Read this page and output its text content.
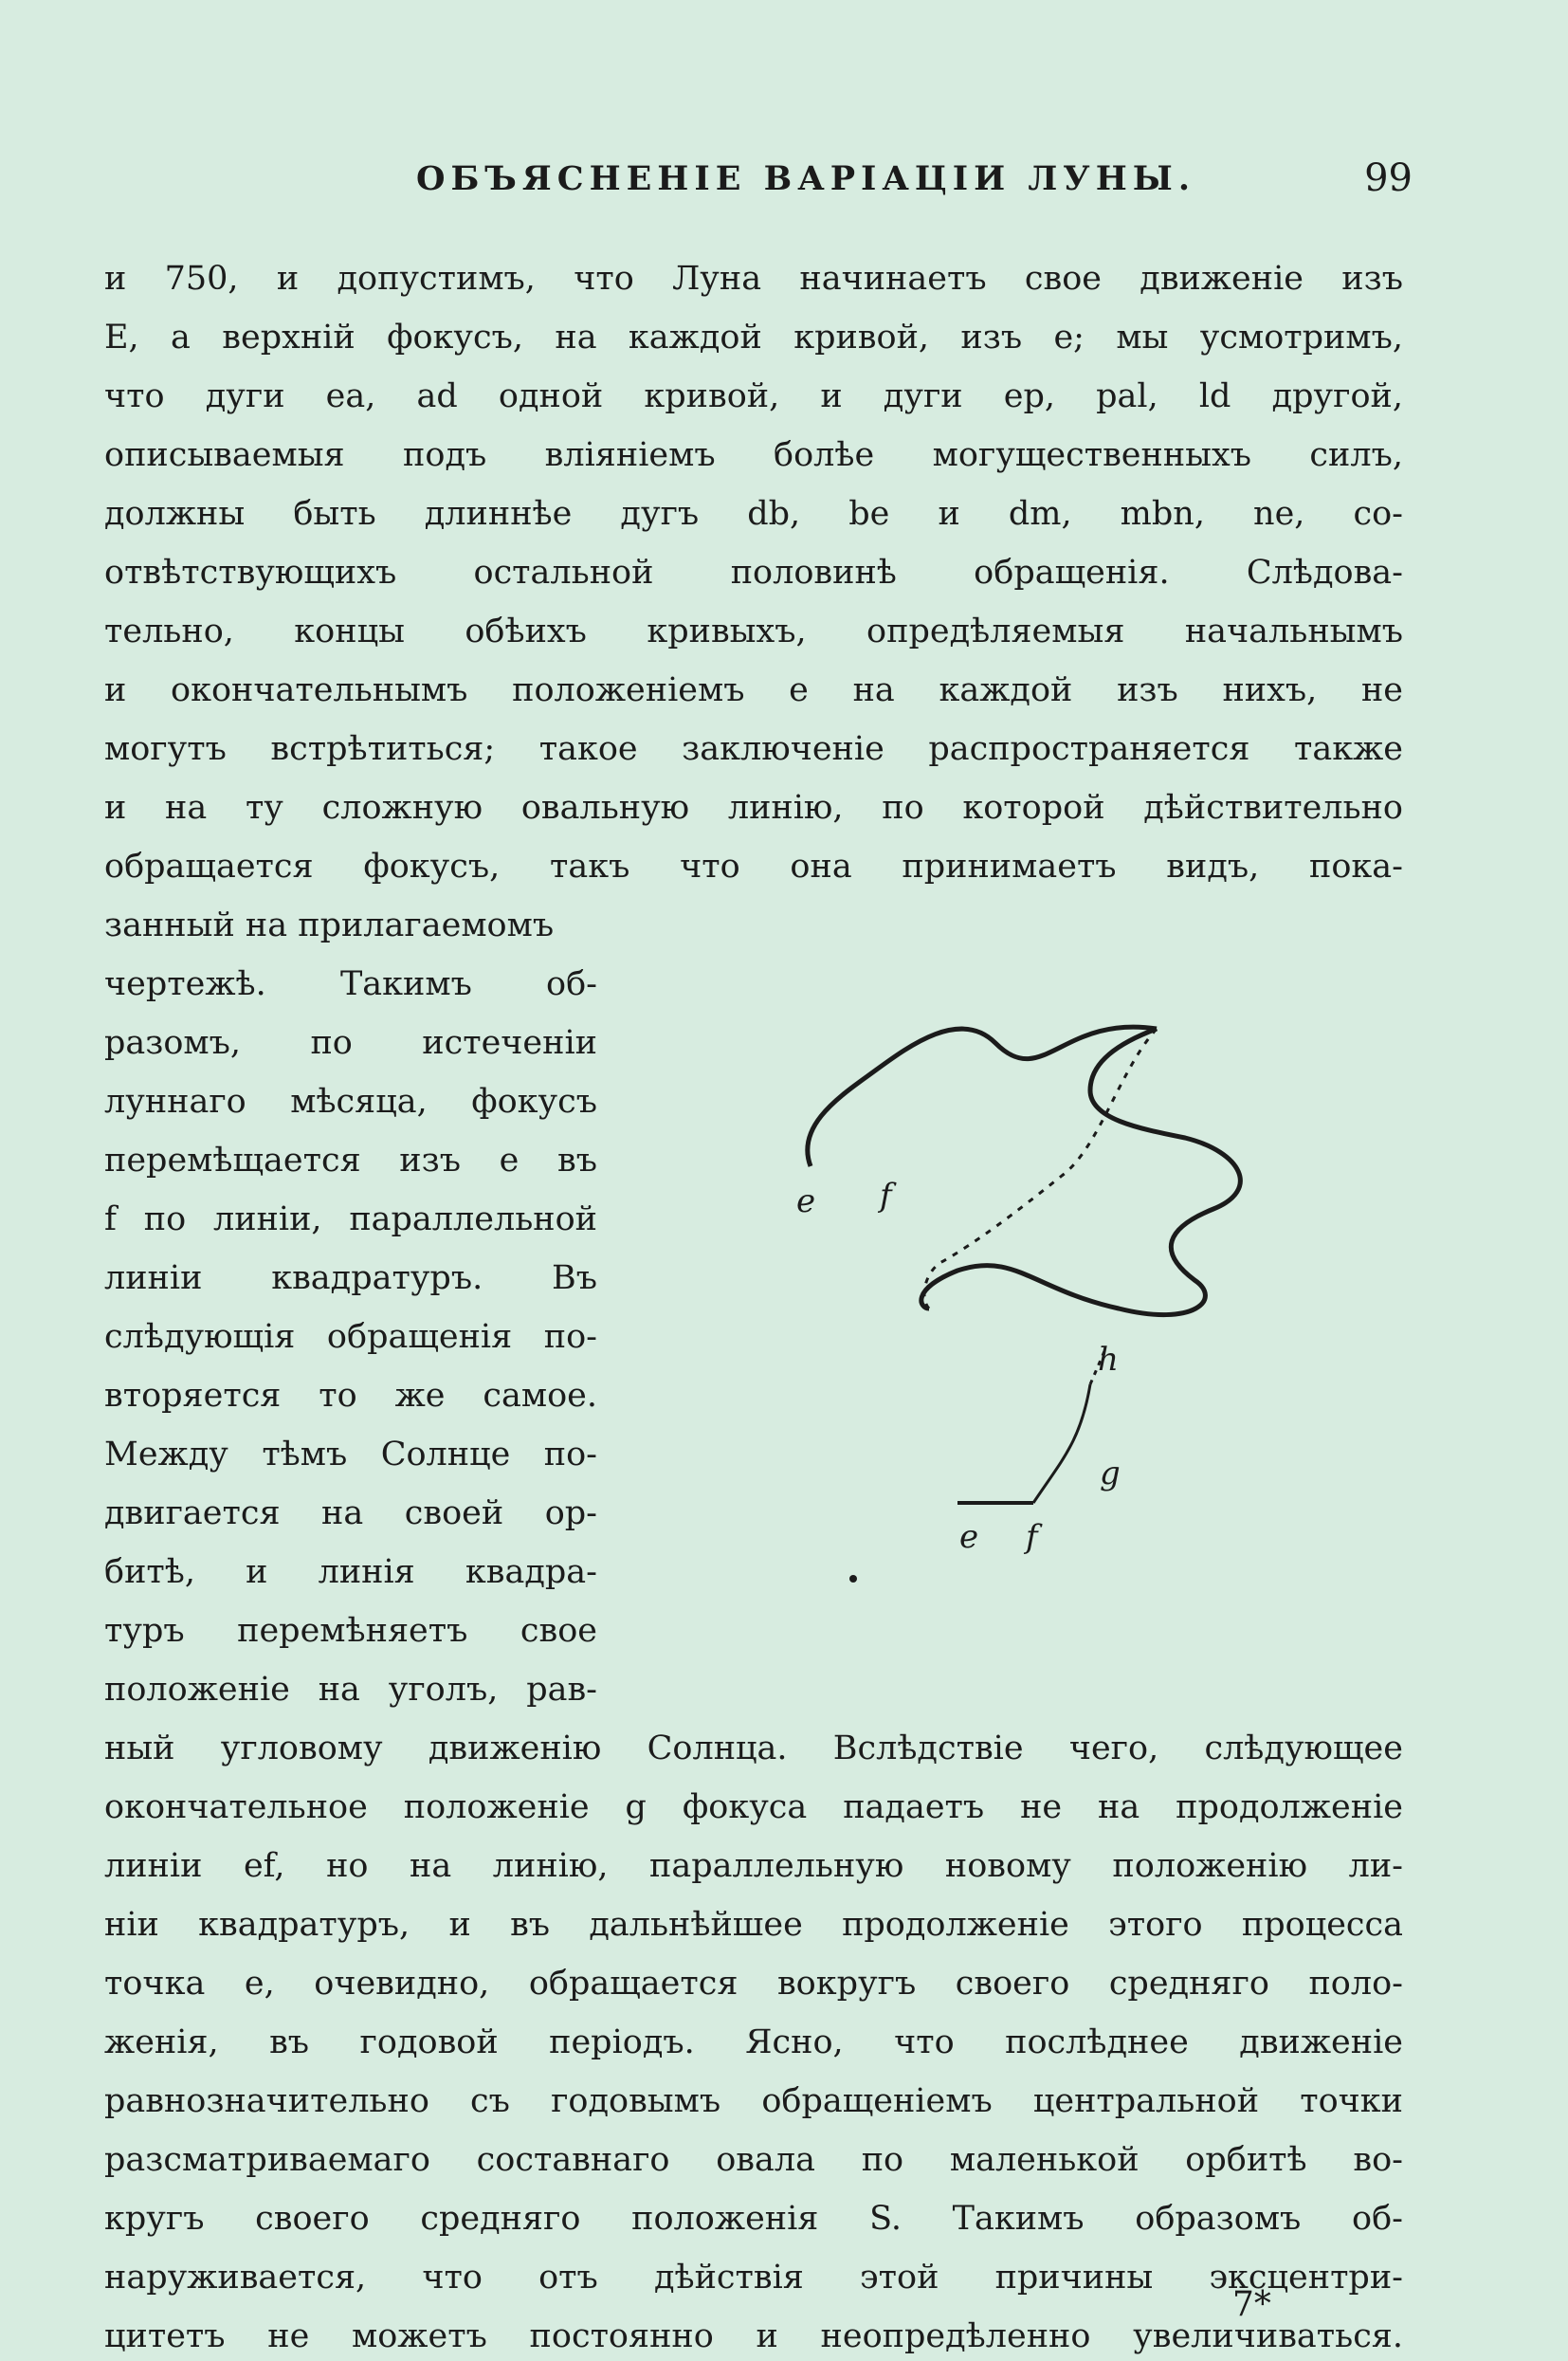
ОБЪЯСНЕНІЕ ВАРІАЦІИ ЛУНЫ.	99
и 750, и допустимъ, что Луна начинаетъ свое движеніе изъ
E, а верхній фокусъ, на каждой кривой, изъ e; мы усмотримъ,
что дуги ea, ad одной кривой, и дуги ep, pal, ld другой,
описываемыя подъ вліяніемъ болѣе могущественныхъ силъ,
должны быть длиннѣе дугъ db, be и dm, mbn, ne, со-
отвѣтствующихъ остальной половинѣ обращенія. Слѣдова-
тельно, концы обѣихъ кривыхъ, опредѣляемыя начальнымъ
и окончательнымъ положеніемъ e на каждой изъ нихъ, не
могутъ встрѣтиться; такое заключеніе распространяется также
и на ту сложную овальную линію, по которой дѣйствительно
обращается фокусъ, такъ что она принимаетъ видъ, пока-
занный на прилагаемомъ
чертежѣ. Такимъ об-
разомъ, по истеченіи
луннаго мѣсяца, фокусъ
перемѣщается изъ e въ
f по линіи, параллельной
линіи квадратуръ. Въ
слѣдующія обращенія по-
вторяется то же самое.
Между тѣмъ Солнце по-
двигается на своей ор-
битѣ, и линія квадра-
туръ перемѣняетъ свое
положеніе на уголъ, рав-
ный угловому движенію Солнца. Вслѣдствіе чего, слѣдующее
окончательное положеніе g фокуса падаетъ не на продолженіе
линіи ef, но на линію, параллельную новому положенію ли-
ніи квадратуръ, и въ дальнѣйшее продолженіе этого процесса
точка e, очевидно, обращается вокругъ своего средняго поло-
женія, въ годовой періодъ. Ясно, что послѣднее движеніе
равнозначительно съ годовымъ обращеніемъ центральной точки
разсматриваемаго составнаго овала по маленькой орбитѣ во-
кругъ своего средняго положенія S. Такимъ образомъ об-
наруживается, что отъ дѣйствія этой причины эксцентри-
цитетъ не можетъ постоянно и неопредѣленно увеличиваться.
e f
e f
g
h
7*
